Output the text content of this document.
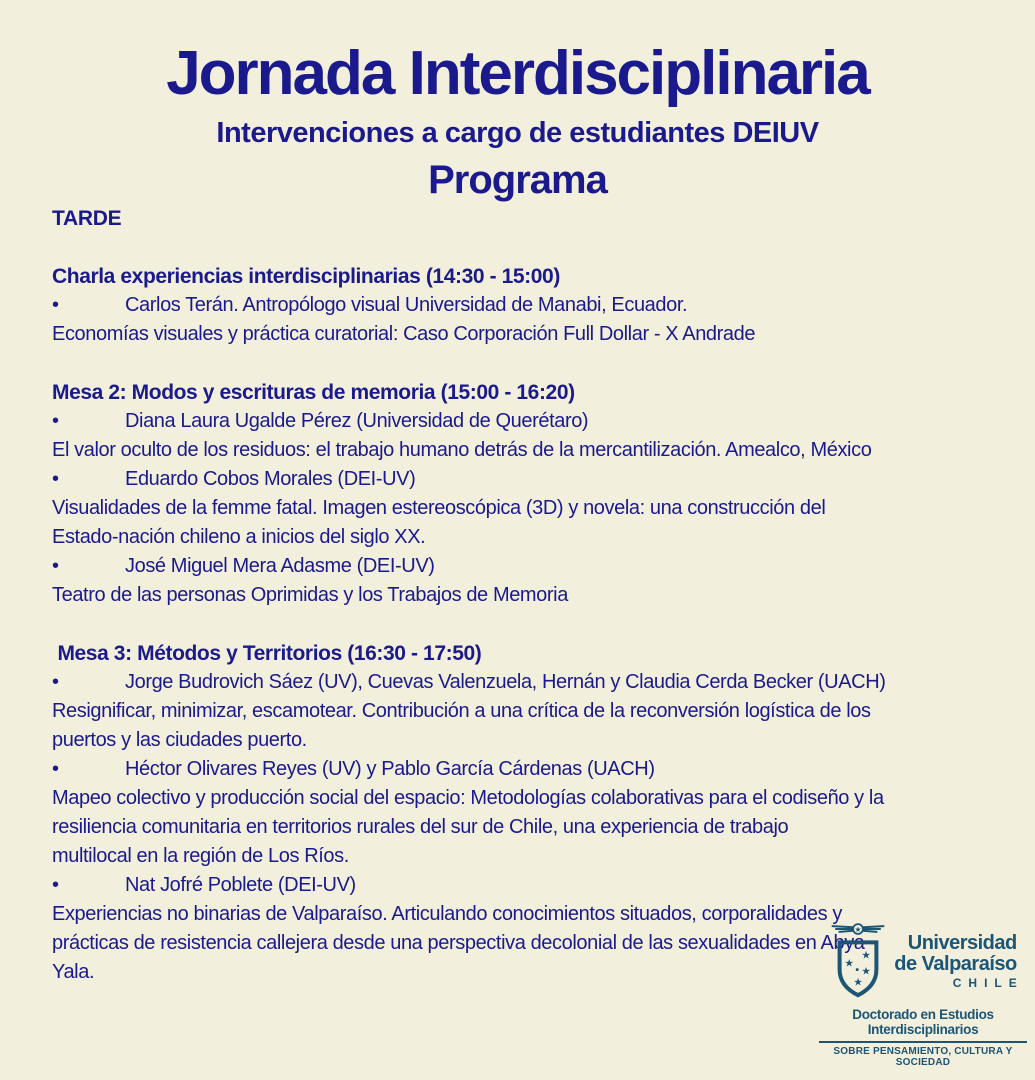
Jornada Interdisciplinaria
Intervenciones a cargo de estudiantes DEIUV
Programa
TARDE
Charla experiencias interdisciplinarias (14:30 - 15:00)
•	Carlos Terán. Antropólogo visual Universidad de Manabi, Ecuador.
Economías visuales y práctica curatorial: Caso Corporación Full Dollar - X Andrade
Mesa 2: Modos y escrituras de memoria (15:00 - 16:20)
•	Diana Laura Ugalde Pérez (Universidad de Querétaro)
El valor oculto de los residuos: el trabajo humano detrás de la mercantilización. Amealco, México
•	Eduardo Cobos Morales (DEI-UV)
Visualidades de la femme fatal. Imagen estereoscópica (3D) y novela: una construcción del
Estado-nación chileno a inicios del siglo XX.
•	José Miguel Mera Adasme (DEI-UV)
Teatro de las personas Oprimidas y los Trabajos de Memoria
Mesa 3: Métodos y Territorios (16:30 - 17:50)
•	Jorge Budrovich Sáez (UV), Cuevas Valenzuela, Hernán y Claudia Cerda Becker (UACH)
Resignificar, minimizar, escamotear. Contribución a una crítica de la reconversión logística de los
puertos y las ciudades puerto.
•	Héctor Olivares Reyes (UV) y Pablo García Cárdenas (UACH)
Mapeo colectivo y producción social del espacio: Metodologías colaborativas para el codiseño y la
resiliencia comunitaria en territorios rurales del sur de Chile, una experiencia de trabajo
multilocal en la región de Los Ríos.
•	Nat Jofré Poblete (DEI-UV)
Experiencias no binarias de Valparaíso. Articulando conocimientos situados, corporalidades y
prácticas de resistencia callejera desde una perspectiva decolonial de las sexualidades en Abya
Yala.
★
★
★
★
★
Universidad
de Valparaíso
CHILE
Doctorado en Estudios Interdisciplinarios
SOBRE PENSAMIENTO, CULTURA Y SOCIEDAD
